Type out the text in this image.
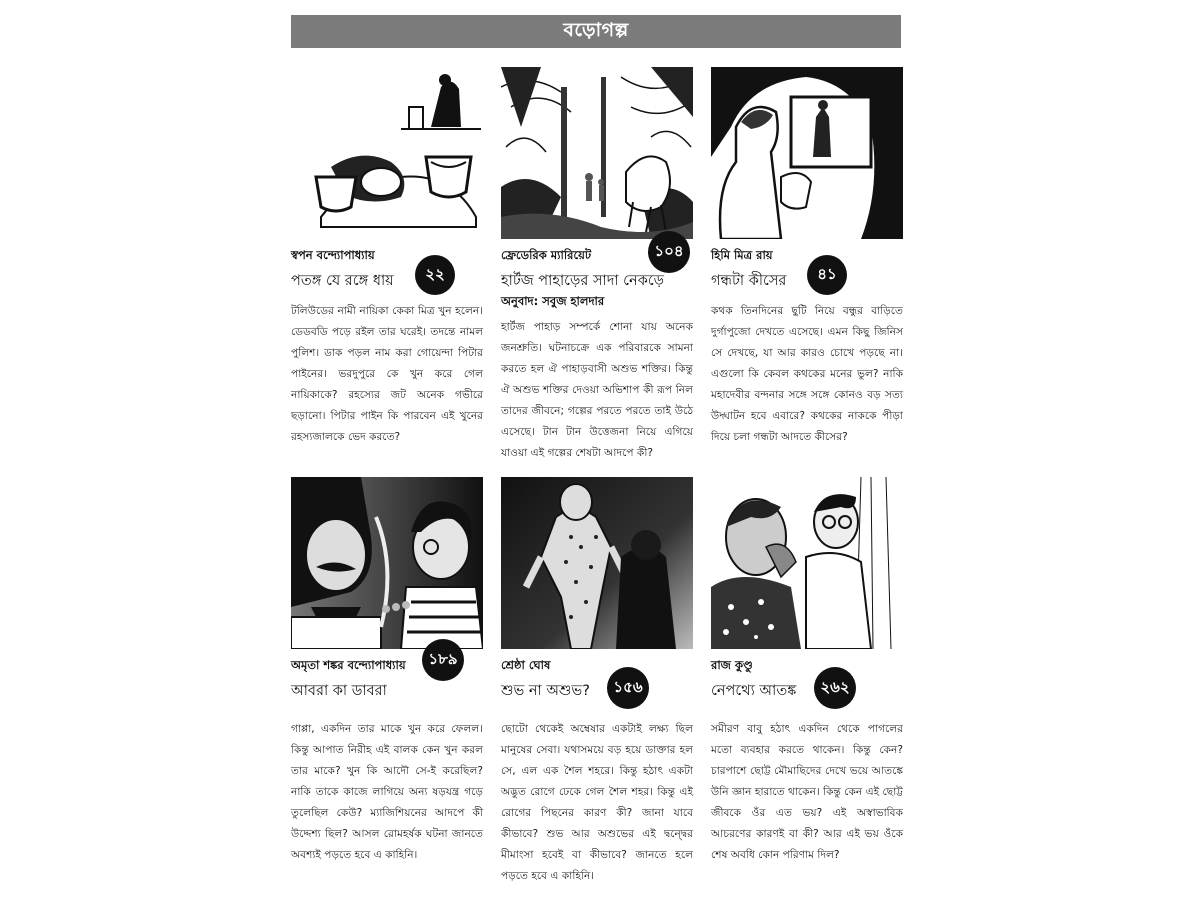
বড়োগল্প
স্বপন বন্দ্যোপাধ্যায়
পতঙ্গ যে রঙ্গে ধায়	২২
টলিউডের নামী নায়িকা কেকা মিত্র খুন হলেন। ডেডবডি পড়ে রইল তার ঘরেই। তদন্তে নামল পুলিশ। ডাক পড়ল নাম করা গোয়েন্দা পিটার পাইনের। ভরদুপুরে কে খুন করে গেল নায়িকাকে? রহস্যের জট অনেক গভীরে ছড়ানো। পিটার পাইন কি পারবেন এই খুনের রহস্যজালকে ভেদ করতে?
ফ্রেডেরিক ম্যারিয়েট
হার্টজ পাহাড়ের সাদা নেকড়ে
অনুবাদ: সবুজ হালদার
১০৪
হার্টজ পাহাড় সম্পর্কে শোনা যায় অনেক জনশ্রুতি। ঘটনাচক্রে এক পরিবারকে সামনা করতে হল ঐ পাহাড়বাসী অশুভ শক্তির। কিন্তু ঐ অশুভ শক্তির দেওয়া অভিশাপ কী রূপ নিল তাদের জীবনে; গল্পের পরতে পরতে তাই উঠে এসেছে। টান টান উত্তেজনা নিয়ে এগিয়ে যাওয়া এই গল্পের শেষটা আদপে কী?
হিমি মিত্র রায়
গন্ধটা কীসের	৪১
কথক তিনদিনের ছুটি নিয়ে বন্ধুর বাড়িতে দুর্গাপুজো দেখতে এসেছে। এমন কিছু জিনিস সে দেখছে, যা আর কারও চোখে পড়ছে না। এগুলো কি কেবল কথকের মনের ভুল? নাকি মহাদেবীর বন্দনার সঙ্গে সঙ্গে কোনও বড় সত্য উদ্ঘাটন হবে এবারে? কথকের নাককে পীড়া দিয়ে চলা গন্ধটা আদতে কীসের?
অমৃতা শঙ্কর বন্দ্যোপাধ্যায়
আবরা কা ডাবরা
১৮৯
গাপ্পা, একদিন তার মাকে খুন করে ফেলল। কিন্তু আপাত নিরীহ এই বালক কেন খুন করল তার মাকে? খুন কি আদৌ সে-ই করেছিল? নাকি তাকে কাজে লাগিয়ে অন্য ষড়যন্ত্র গড়ে তুলেছিল কেউ? ম্যাজিশিয়নের আদপে কী উদ্দেশ্য ছিল? আসল রোমহর্ষক ঘটনা জানতে অবশ্যই পড়তে হবে এ কাহিনি।
শ্রেষ্ঠা ঘোষ
শুভ না অশুভ?	১৫৬
ছোটো থেকেই অম্বেষার একটাই লক্ষ্য ছিল মানুষের সেবা। যথাসময়ে বড় হয়ে ডাক্তার হল সে, এল এক শৈল শহরে। কিন্তু হঠাৎ একটা অদ্ভুত রোগে ঢেকে গেল শৈল শহর। কিন্তু এই রোগের পিছনের কারণ কী? জানা যাবে কীভাবে? শুভ আর অশুভের এই দ্বন্দ্বের মীমাংসা হবেই বা কীভাবে? জানতে হলে পড়তে হবে এ কাহিনি।
রাজ কুণ্ডু
নেপথ্যে আতঙ্ক	২৬২
সমীরণ বাবু হঠাৎ একদিন থেকে পাগলের মতো ব্যবহার করতে থাকেন। কিন্তু কেন? চারপাশে ছোট্ট মৌমাছিদের দেখে ভয়ে আতঙ্কে উনি জ্ঞান হারাতে থাকেন। কিন্তু কেন এই ছোট্ট জীবকে ওঁর এত ভয়? এই অস্বাভাবিক আচরণের কারণই বা কী? আর এই ভয় ওঁকে শেষ অবধি কোন পরিণাম দিল?
